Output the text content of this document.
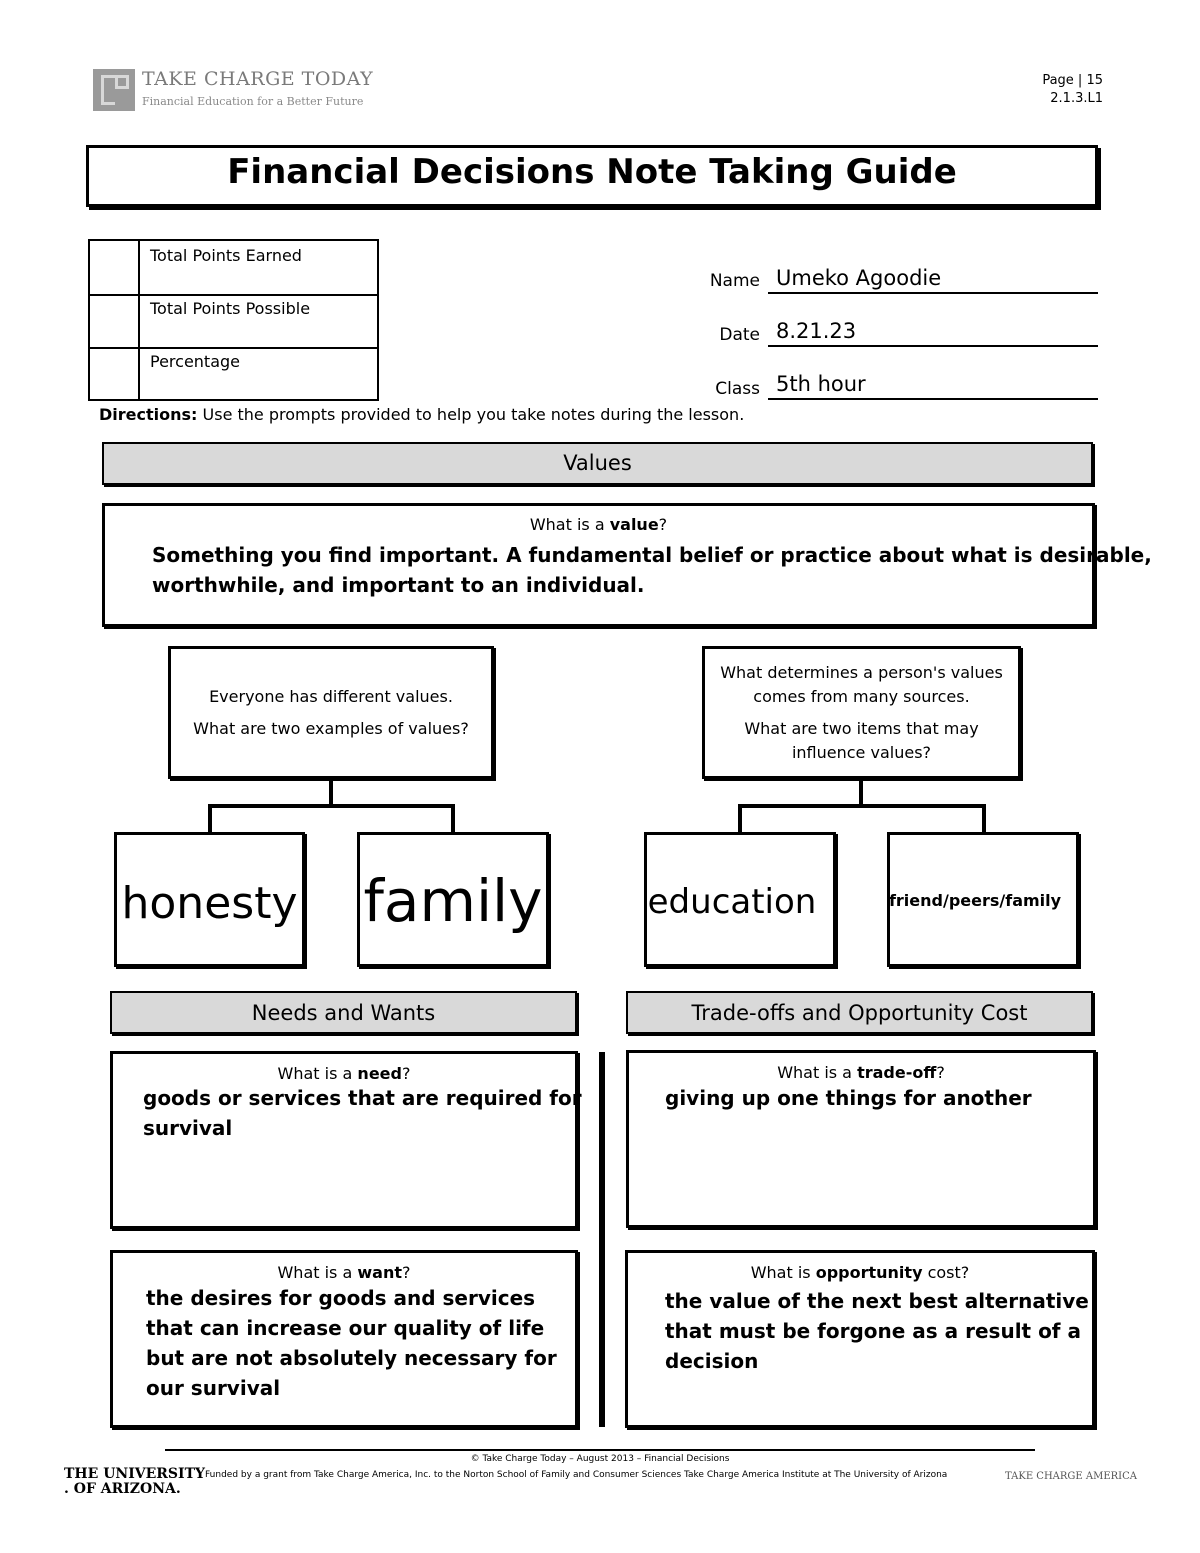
TAKE CHARGE TODAY
Financial Education for a Better Future
Page | 15
2.1.3.L1
Financial Decisions Note Taking Guide
Total Points Earned
Total Points Possible
Percentage
Name Umeko Agoodie
Date 8.21.23
Class 5th hour
Directions: Use the prompts provided to help you take notes during the lesson.
Values
What is a value?
Something you find important. A fundamental belief or practice about what is desirable,
worthwhile, and important to an individual.
Everyone has different values.
What are two examples of values?
honesty family
What determines a person's values
comes from many sources.
What are two items that may
influence values?
education	friend/peers/family
Needs and Wants
What is a need?
goods or services that are required for
survival
What is a want?
the desires for goods and services
that can increase our quality of life
but are not absolutely necessary for
our survival
Trade-offs and Opportunity Cost
What is a trade-off?
giving up one things for another
What is opportunity cost?
the value of the next best alternative
that must be forgone as a result of a
decision
© Take Charge Today – August 2013 – Financial Decisions
Funded by a grant from Take Charge America, Inc. to the Norton School of Family and Consumer Sciences Take Charge America Institute at The University of Arizona
THE UNIVERSITY
. OF ARIZONA.
TAKE CHARGE AMERICA
